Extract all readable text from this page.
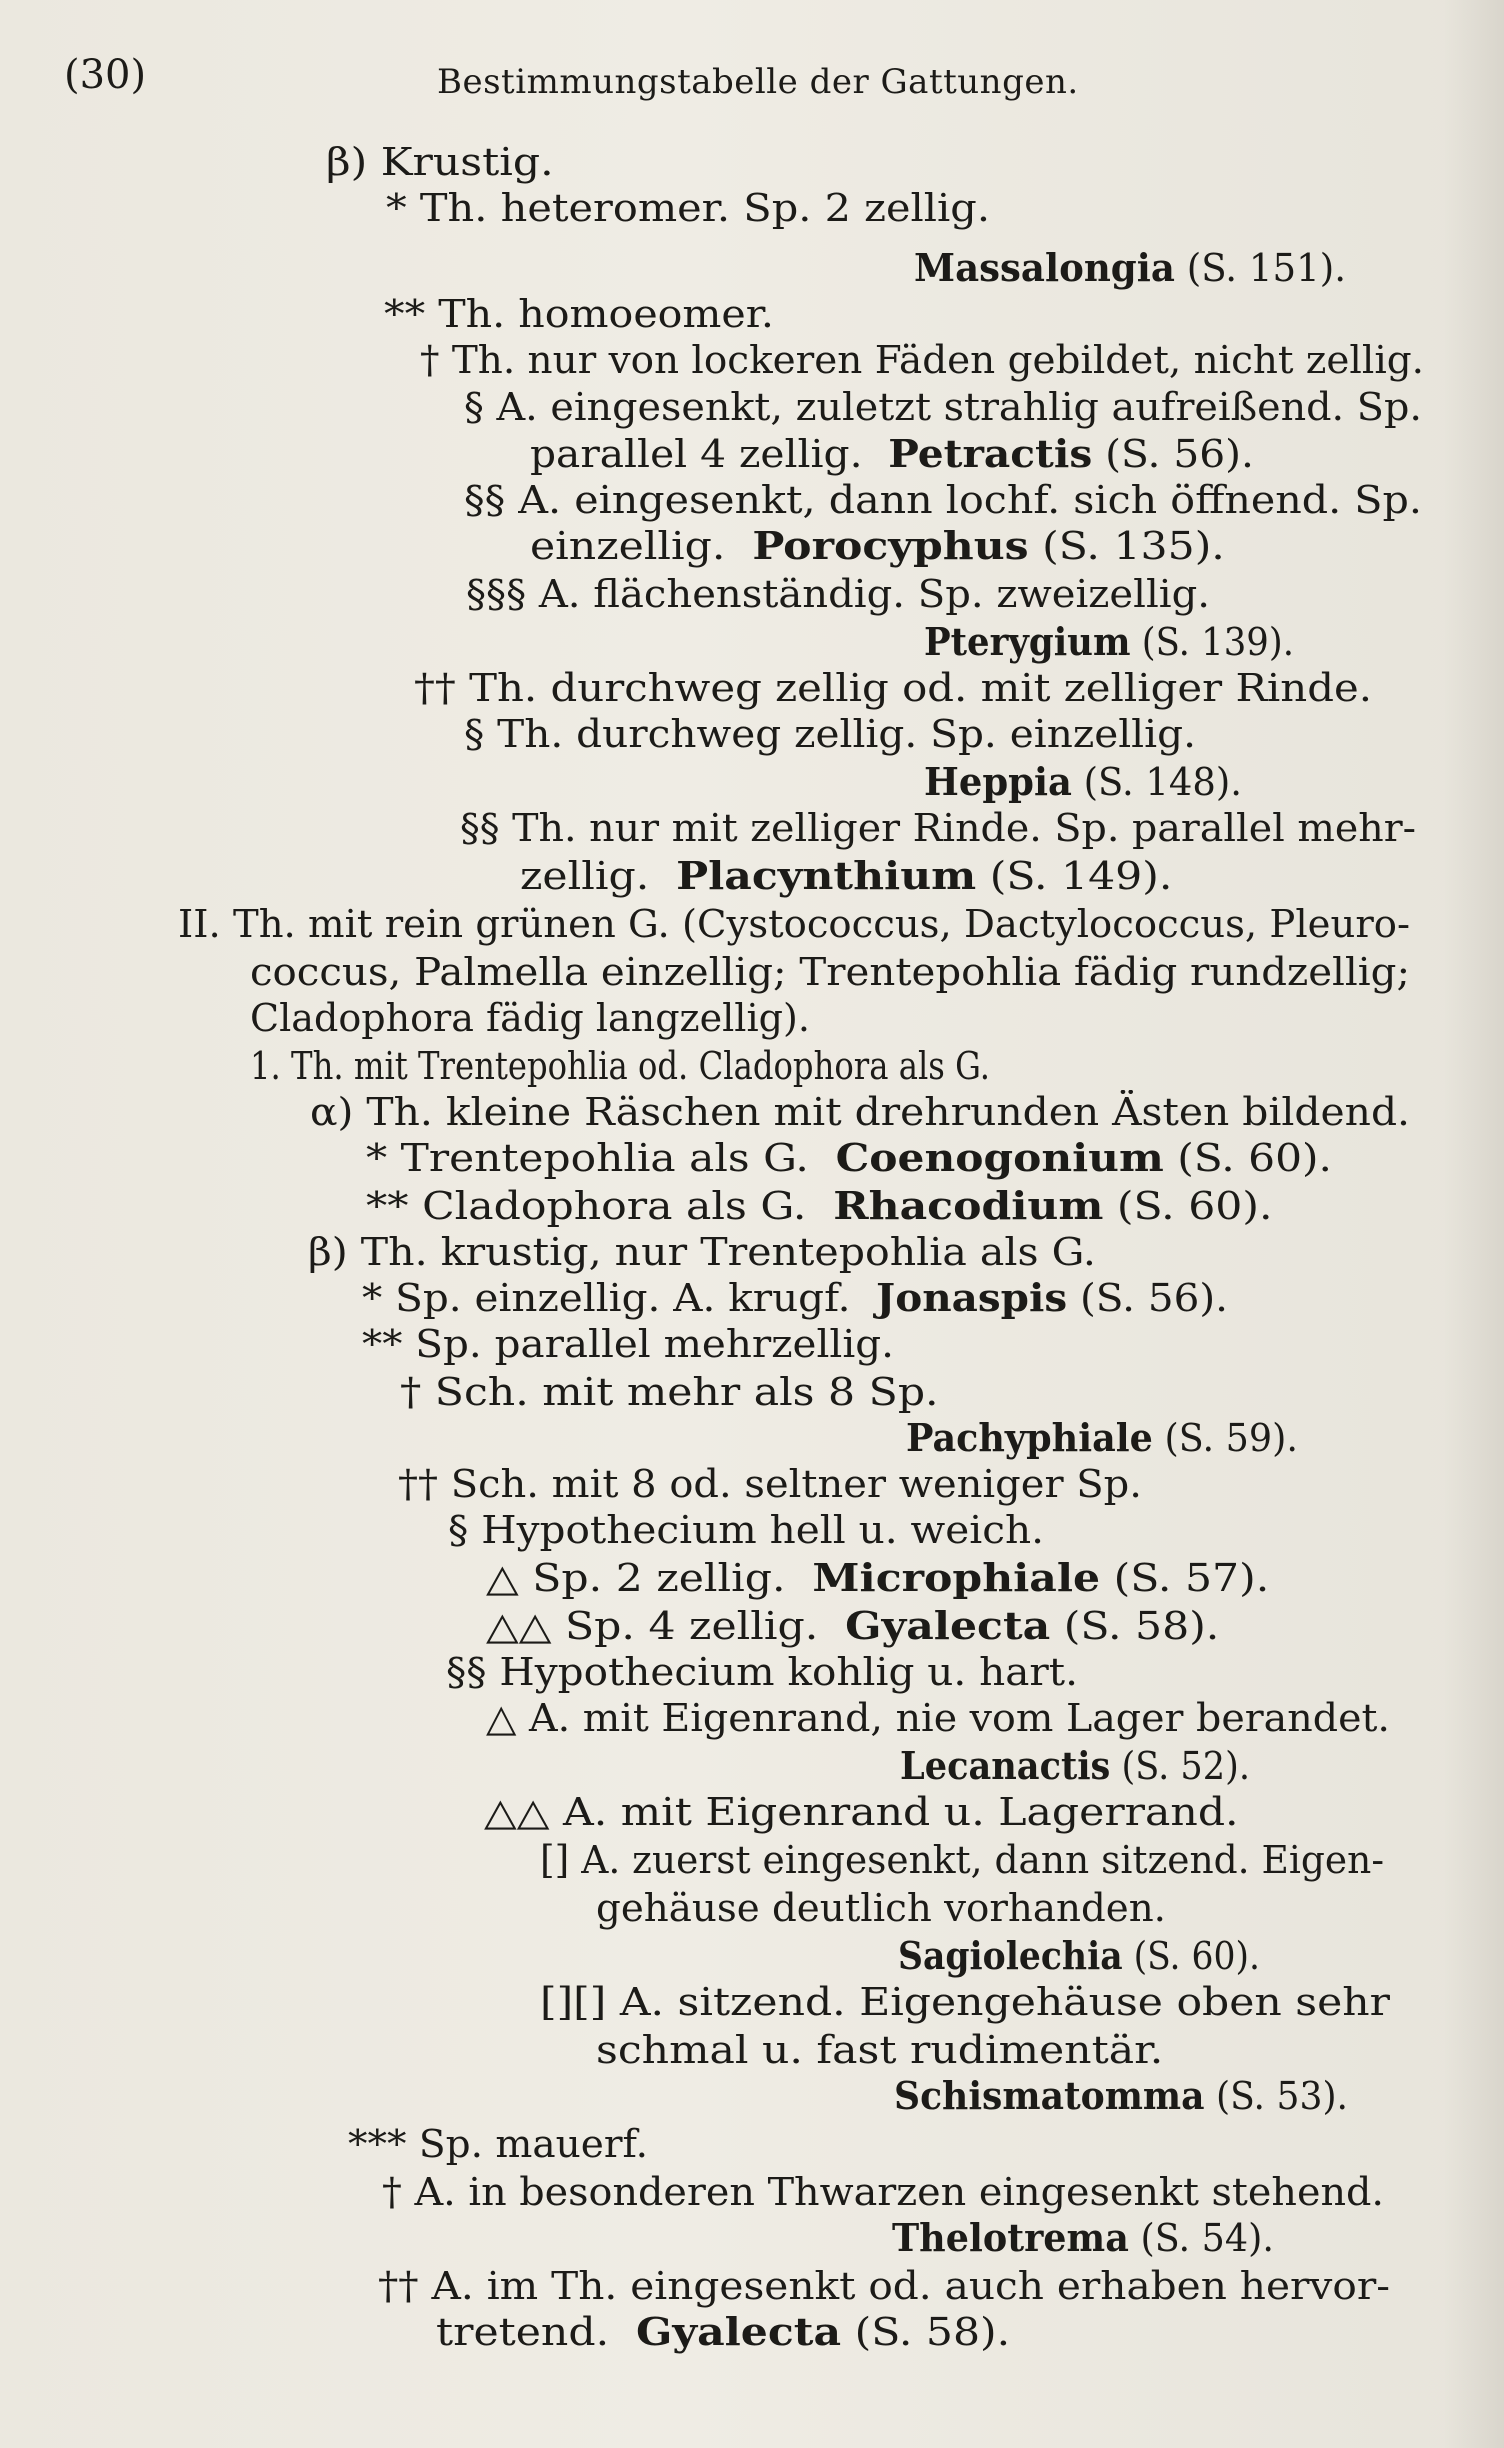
(30)	Bestimmungstabelle der Gattungen.
β) Krustig.
* Th. heteromer. Sp. 2 zellig.
Massalongia (S. 151).
** Th. homoeomer.
† Th. nur von lockeren Fäden gebildet, nicht zellig.
§ A. eingesenkt, zuletzt strahlig aufreißend. Sp.
parallel 4 zellig. Petractis (S. 56).
§§ A. eingesenkt, dann lochf. sich öffnend. Sp.
einzellig. Porocyphus (S. 135).
§§§ A. flächenständig. Sp. zweizellig.
Pterygium (S. 139).
†† Th. durchweg zellig od. mit zelliger Rinde.
§ Th. durchweg zellig. Sp. einzellig.
Heppia (S. 148).
§§ Th. nur mit zelliger Rinde. Sp. parallel mehr-
zellig. Placynthium (S. 149).
II. Th. mit rein grünen G. (Cystococcus, Dactylococcus, Pleuro-
coccus, Palmella einzellig; Trentepohlia fädig rundzellig;
Cladophora fädig langzellig).
1. Th. mit Trentepohlia od. Cladophora als G.
α) Th. kleine Räschen mit drehrunden Ästen bildend.
* Trentepohlia als G. Coenogonium (S. 60).
** Cladophora als G. Rhacodium (S. 60).
β) Th. krustig, nur Trentepohlia als G.
* Sp. einzellig. A. krugf. Jonaspis (S. 56).
** Sp. parallel mehrzellig.
† Sch. mit mehr als 8 Sp.
Pachyphiale (S. 59).
†† Sch. mit 8 od. seltner weniger Sp.
§ Hypothecium hell u. weich.
△ Sp. 2 zellig. Microphiale (S. 57).
△△ Sp. 4 zellig. Gyalecta (S. 58).
§§ Hypothecium kohlig u. hart.
△ A. mit Eigenrand, nie vom Lager berandet.
Lecanactis (S. 52).
△△ A. mit Eigenrand u. Lagerrand.
[] A. zuerst eingesenkt, dann sitzend. Eigen-
gehäuse deutlich vorhanden.
Sagiolechia (S. 60).
[][] A. sitzend. Eigengehäuse oben sehr
schmal u. fast rudimentär.
Schismatomma (S. 53).
*** Sp. mauerf.
† A. in besonderen Thwarzen eingesenkt stehend.
Thelotrema (S. 54).
†† A. im Th. eingesenkt od. auch erhaben hervor-
tretend. Gyalecta (S. 58).
